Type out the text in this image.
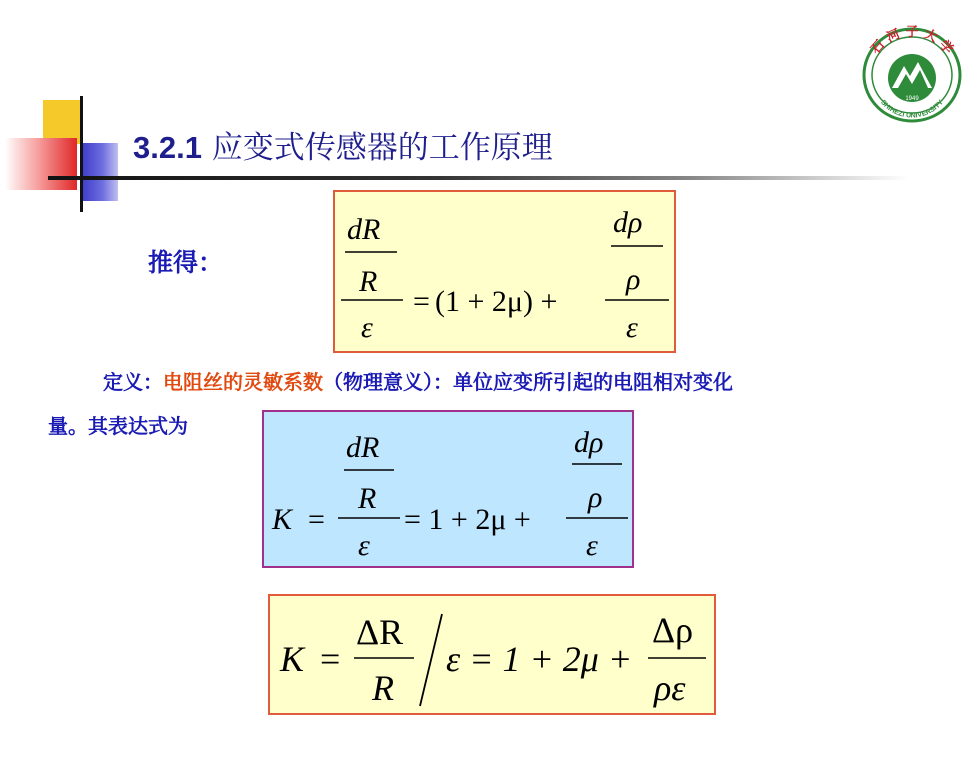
3.2.1 应变式传感器的工作原理
1949
石 河 子 大 学
SHIHEZI UNIVERSITY
推得：
dR
R
ε
= (1 + 2μ) +
dρ
ρ
ε
定义：电阻丝的灵敏系数（物理意义）：单位应变所引起的电阻相对变化
量。其表达式为
dR
R
ε
K =	= 1 + 2μ +
dρ
ρ
ε
K =
ΔR
R
ε = 1 + 2μ +
Δρ
ρε
